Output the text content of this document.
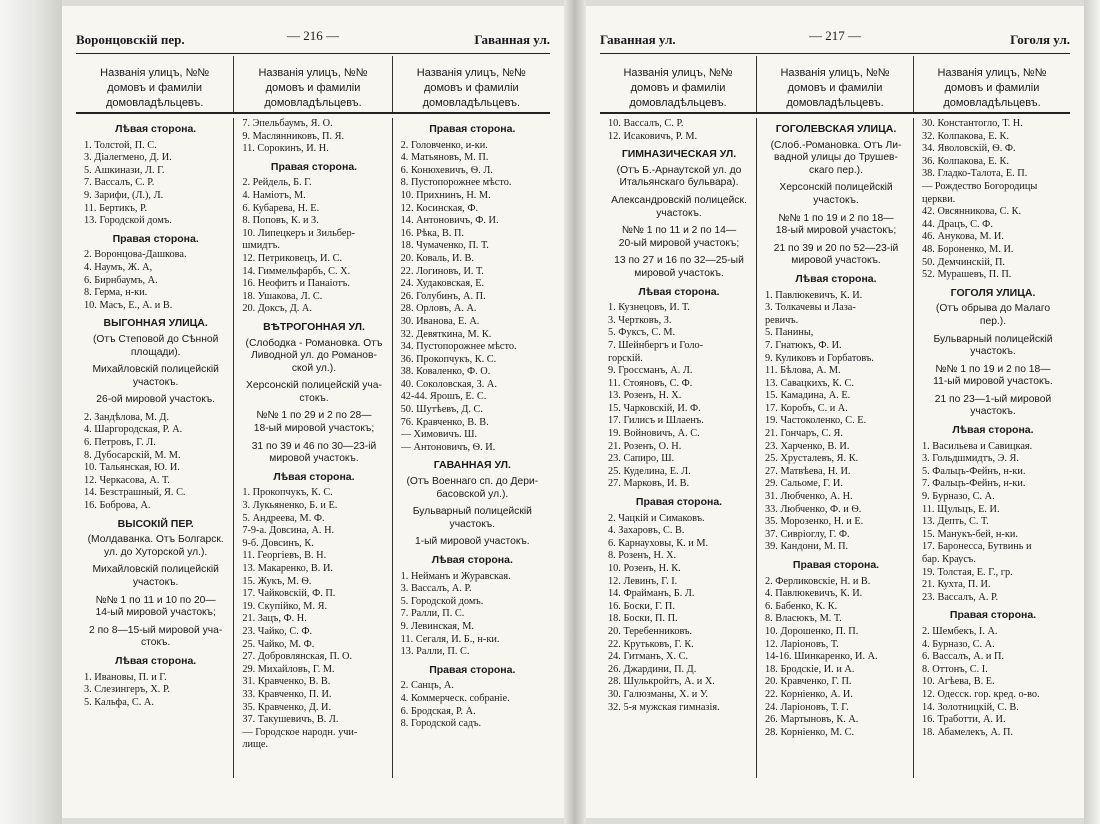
Воронцовскій пер.	— 216 —	Гаванная ул.
Названія улицъ, №№
домовъ и фамиліи
домовладѣльцевъ.
Названія улицъ, №№
домовъ и фамиліи
домовладѣльцевъ.
Названія улицъ, №№
домовъ и фамиліи
домовладѣльцевъ.
Лѣвая сторона.
1. Толстой, П. С.
3. Діалегмено, Д. И.
5. Ашкинази, Л. Г.
7. Вассалъ, С. Р.
9. Зарифи, (Л.), Л.
11. Бертикъ, Р.
13. Городской домъ.
Правая сторона.
2. Воронцова-Дашкова.
4. Наумъ, Ж. А,
6. Бирнбаумъ, А.
8. Герма, н-ки.
10. Масъ, Е., А. и В.
ВЫГОННАЯ УЛИЦА.
(Отъ Степовой до Сѣнной
площади).
Михайловскій полицейскій
участокъ.
26-ой мировой участокъ.
2. Зандѣлова, М. Д.
4. Шаргородская, Р. А.
6. Петровъ, Г. Л.
8. Дубосарскій, М. М.
10. Тальянская, Ю. И.
12. Черкасова, А. Т.
14. Безстрашный, Я. С.
16. Боброва, А.
ВЫСОКІЙ ПЕР.
(Молдаванка. Отъ Болгарск.
ул. до Хуторской ул.).
Михайловскій полицейскій
участокъ.
№№ 1 по 11 и 10 по 20—
14-ый мировой участокъ;
2 по 8—15-ый мировой уча-
стокъ.
Лѣвая сторона.
1. Ивановы, П. и Г.
3. Слезингеръ, Х. Р.
5. Кальфа, С. А.
7. Эпельбаумъ, Я. О.
9. Маслянниковъ, П. Я.
11. Сорокинъ, И. Н.
Правая сторона.
2. Рейдель, Б. Г.
4. Наміотъ, М.
6. Кубарева, Н. Е.
8. Поповъ, К. и З.
10. Липецкеръ и Зильбер-
шмидтъ.
12. Петриковецъ, И. С.
14. Гиммельфарбъ, С. Х.
16. Неофитъ и Панаіотъ.
18. Ушакова, Л. С.
20. Доксъ, Д. А.
ВѢТРОГОННАЯ УЛ.
(Слободка - Романовка. Отъ
Ливодной ул. до Романов-
ской ул.).
Херсонскій полицейскій уча-
стокъ.
№№ 1 по 29 и 2 по 28—
18-ый мировой участокъ;
31 по 39 и 46 по 30—23-ій
мировой участокъ.
Лѣвая сторона.
1. Прокопчукъ, К. С.
3. Лукьяненко, Б. и Е.
5. Андреева, М. Ф.
7-9-а. Довсина, А. Н.
9-б. Довсинъ, К.
11. Георгіевъ, В. Н.
13. Макаренко, В. И.
15. Жукъ, М. Ѳ.
17. Чайковскій, Ф. П.
19. Скупійко, М. Я.
21. Зацъ, Ф. Н.
23. Чайко, С. Ф.
25. Чайко, М. Ф.
27. Добровлянская, П. О.
29. Михайловъ, Г. М.
31. Кравченко, В. В.
33. Кравченко, П. И.
35. Кравченко, Д. И.
37. Такушевичъ, В. Л.
— Городское народн. учи-
лище.
Правая сторона.
2. Головченко, и-ки.
4. Матьяновъ, М. П.
6. Конюхевичъ, Ѳ. Л.
8. Пустопорожнее мѣсто.
10. Прихнинъ, Н. М.
12. Косинская, Ф.
14. Антоновичъ, Ф. И.
16. Рѣка, В. П.
18. Чумаченко, П. Т.
20. Коваль, И. В.
22. Логиновъ, И. Т.
24. Худаковская, Е.
26. Голубинъ, А. П.
28. Орловъ, А. А.
30. Иванова, Е. А.
32. Девяткина, М. К.
34. Пустопорожнее мѣсто.
36. Прокопчукъ, К. С.
38. Коваленко, Ф. О.
40. Соколовская, З. А.
42-44. Ярошъ, Е. С.
50. Шутѣевъ, Д. С.
76. Кравченко, В. В.
— Химовичъ. Ш.
— Антоновичъ, Ѳ. И.
ГАВАННАЯ УЛ.
(Отъ Военнаго сп. до Дери-
басовской ул.).
Бульварный полицейскій
участокъ.
1-ый мировой участокъ.
Лѣвая сторона.
1. Нейманъ и Журавская.
3. Вассалъ, А. Р.
5. Городской домъ.
7. Ралли, П. С.
9. Левинская, М.
11. Сегаля, И. Б., н-ки.
13. Ралли, П. С.
Правая сторона.
2. Санцъ, А.
4. Коммерческ. собраніе.
6. Бродская, Р. А.
8. Городской садъ.
Гаванная ул.	— 217 —	Гоголя ул.
Названія улицъ, №№
домовъ и фамиліи
домовладѣльцевъ.
Названія улицъ, №№
домовъ и фамиліи
домовладѣльцевъ.
Названія улицъ, №№
домовъ и фамиліи
домовладѣльцевъ.
10. Вассалъ, С. Р.
12. Исаковичъ, Р. М.
ГИМНАЗИЧЕСКАЯ УЛ.
(Отъ Б.-Арнаутской ул. до
Итальянскаго бульвара).
Александровскій полицейск.
участокъ.
№№ 1 по 11 и 2 по 14—
20-ый мировой участокъ;
13 по 27 и 16 по 32—25-ый
мировой участокъ.
Лѣвая сторона.
1. Кузнецовъ, И. Т.
3. Чертковъ, З.
5. Фуксъ, С. М.
7. Шейнбергъ и Голо-
горскій.
9. Гроссманъ, А. Л.
11. Стояновъ, С. Ф.
13. Розенъ, Н. Х.
15. Чарковскій, И. Ф.
17. Гилисъ и Шлаенъ.
19. Войновичъ, А. С.
21. Розенъ, О. Н.
23. Сапиро, Ш.
25. Куделина, Е. Л.
27. Марковъ, И. В.
Правая сторона.
2. Чацкій и Симаковъ.
4. Захаровъ, С. В.
6. Карнауховы, К. и М.
8. Розенъ, Н. Х.
10. Розенъ, Н. К.
12. Левинъ, Г. І.
14. Фрайманъ, Б. Л.
16. Боски, Г. П.
18. Боски, П. П.
20. Теребенниковъ.
22. Крутьковъ, Г. К.
24. Гитманъ, Х. С.
26. Джардини, П. Д.
28. Шулькройтъ, А. и Х.
30. Галюзманы, Х. и У.
32. 5-я мужская гимназія.
ГОГОЛЕВСКАЯ УЛИЦА.
(Слоб.-Романовка. Отъ Ли-
вадной улицы до Трушев-
скаго пер.).
Херсонскій полицейскій
участокъ.
№№ 1 по 19 и 2 по 18—
18-ый мировой участокъ;
21 по 39 и 20 по 52—23-ій
мировой участокъ.
Лѣвая сторона.
1. Павлюкевичъ, К. И.
3. Толкачевы и Лаза-
ревичъ.
5. Панины,
7. Гнатюкъ, Ф. И.
9. Куликовъ и Горбатовъ.
11. Бѣлова, А. М.
13. Савацкихъ, К. С.
15. Камадина, А. Е.
17. Коробъ, С. и А.
19. Частоколенко, С. Е.
21. Гончаръ, С. Я.
23. Харченко, В. И.
25. Хрусталевъ, Я. К.
27. Матвѣева, Н. И.
29. Сальоме, Г. И.
31. Любченко, А. Н.
33. Любченко, Ф. и Ѳ.
35. Морозенко, Н. и Е.
37. Сивріоглу, Г. Ф.
39. Кандони, М. П.
Правая сторона.
2. Ферликовскіе, Н. и В.
4. Павлюкевичъ, К. И.
6. Бабенко, К. К.
8. Власюкъ, М. Т.
10. Дорошенко, П. П.
12. Ларіоновъ, Т.
14-16. Шинкаренко, И. А.
18. Бродскіе, И. и А.
20. Кравченко, Г. П.
22. Корніенко, А. И.
24. Ларіоновъ, Т. Г.
26. Мартыновъ, К. А.
28. Корніенко, М. С.
30. Константогло, Т. Н.
32. Колпакова, Е. К.
34. Яволовскій, Ѳ. Ф.
36. Колпакова, Е. К.
38. Гладко-Талота, Е. П.
— Рождество Богородицы
церкви.
42. Овсянникова, С. К.
44. Драцъ, С. Ф.
46. Анукова, М. И.
48. Бороненко, М. И.
50. Демчинскій, П.
52. Мурашевъ, П. П.
ГОГОЛЯ УЛИЦА.
(Отъ обрыва до Малаго пер.).
Бульварный полицейскій
участокъ.
№№ 1 по 19 и 2 по 18—
11-ый мировой участокъ.
21 по 23—1-ый мировой
участокъ.
Лѣвая сторона.
1. Васильева и Савицкая.
3. Гольдшмидтъ, Э. Я.
5. Фальцъ-Фейнъ, н-ки.
7. Фальцъ-Фейнъ, н-ки.
9. Бурназо, С. А.
11. Щульцъ, Е. И.
13. Депть, С. Т.
15. Манукъ-бей, н-ки.
17. Баронесса, Бутвинь и
бар. Краусъ.
19. Толстая, Е. Г., гр.
21. Кухта, П. И.
23. Вассалъ, А. Р.
Правая сторона.
2. Шембекъ, І. А.
4. Бурназо, С. А.
6. Вассалъ, А. и П.
8. Оттонъ, С. І.
10. Агѣева, В. Е.
12. Одесск. гор. кред. о-во.
14. Золотницкій, С. В.
16. Тработти, А. И.
18. Абамелекъ, А. П.
